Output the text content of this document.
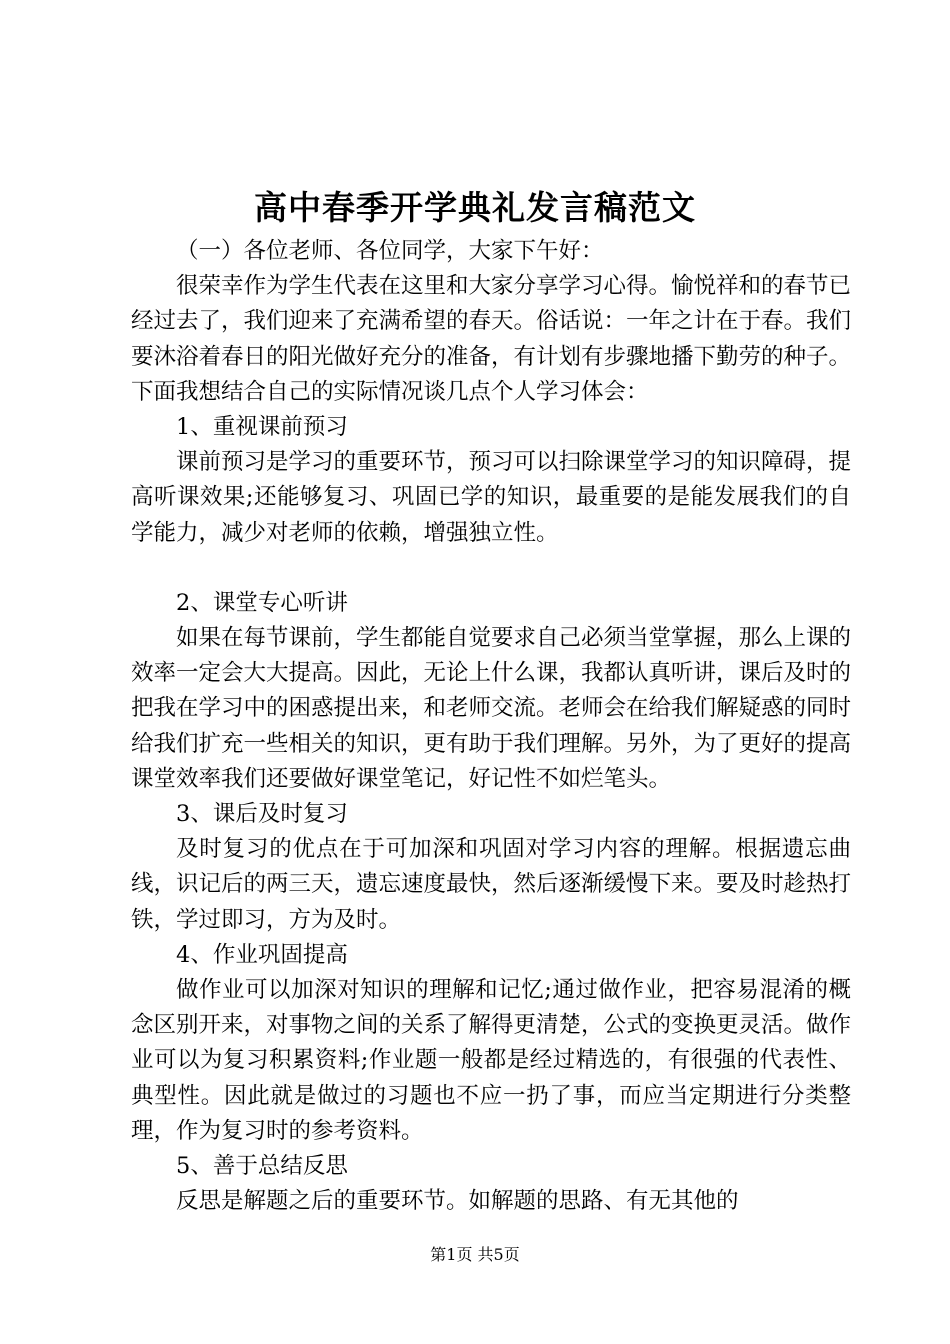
高中春季开学典礼发言稿范文

（一）各位老师、各位同学，大家下午好：

很荣幸作为学生代表在这里和大家分享学习心得。愉悦祥和的春节已经过去了，我们迎来了充满希望的春天。俗话说：一年之计在于春。我们要沐浴着春日的阳光做好充分的准备，有计划有步骤地播下勤劳的种子。下面我想结合自己的实际情况谈几点个人学习体会：

1、重视课前预习

课前预习是学习的重要环节，预习可以扫除课堂学习的知识障碍，提高听课效果;还能够复习、巩固已学的知识，最重要的是能发展我们的自学能力，减少对老师的依赖，增强独立性。

2、课堂专心听讲

如果在每节课前，学生都能自觉要求自己必须当堂掌握，那么上课的效率一定会大大提高。因此，无论上什么课，我都认真听讲，课后及时的把我在学习中的困惑提出来，和老师交流。老师会在给我们解疑惑的同时给我们扩充一些相关的知识，更有助于我们理解。另外，为了更好的提高课堂效率我们还要做好课堂笔记，好记性不如烂笔头。

3、课后及时复习

及时复习的优点在于可加深和巩固对学习内容的理解。根据遗忘曲线，识记后的两三天，遗忘速度最快，然后逐渐缓慢下来。要及时趁热打铁，学过即习，方为及时。

4、作业巩固提高

做作业可以加深对知识的理解和记忆;通过做作业，把容易混淆的概念区别开来，对事物之间的关系了解得更清楚，公式的变换更灵活。做作业可以为复习积累资料;作业题一般都是经过精选的，有很强的代表性、典型性。因此就是做过的习题也不应一扔了事，而应当定期进行分类整理，作为复习时的参考资料。

5、善于总结反思

反思是解题之后的重要环节。如解题的思路、有无其他的

第1页 共5页
